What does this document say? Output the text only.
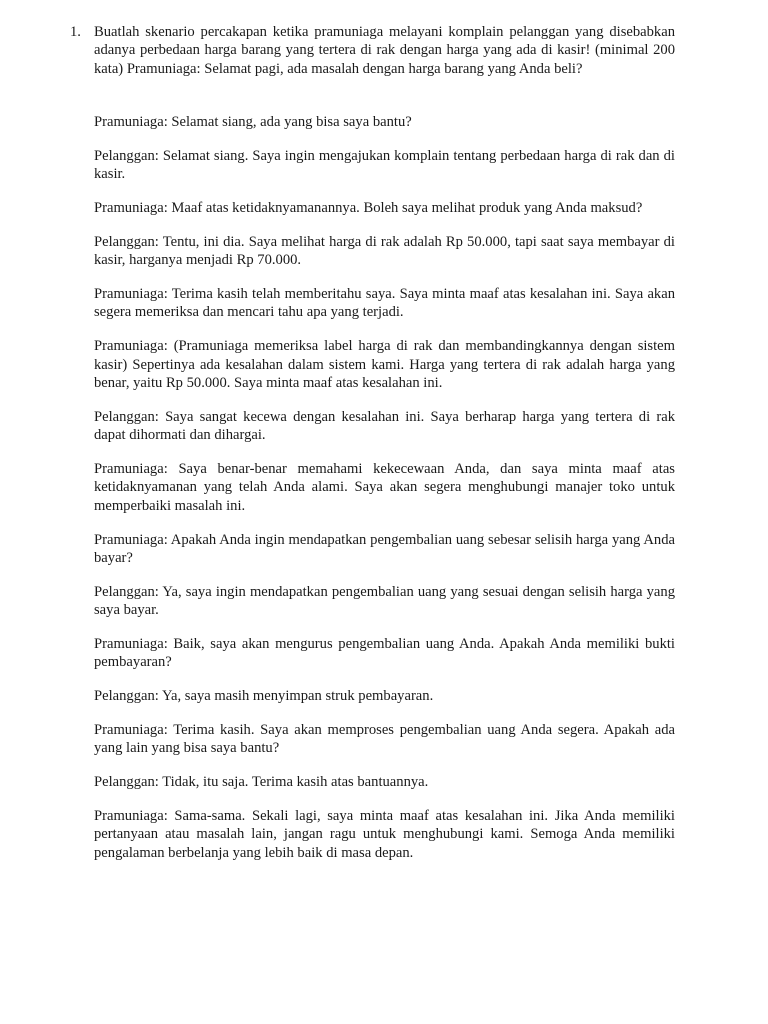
1. Buatlah skenario percakapan ketika pramuniaga melayani komplain pelanggan yang disebabkan adanya perbedaan harga barang yang tertera di rak dengan harga yang ada di kasir! (minimal 200 kata) Pramuniaga: Selamat pagi, ada masalah dengan harga barang yang Anda beli?

Pramuniaga: Selamat siang, ada yang bisa saya bantu?

Pelanggan: Selamat siang. Saya ingin mengajukan komplain tentang perbedaan harga di rak dan di kasir.

Pramuniaga: Maaf atas ketidaknyamanannya. Boleh saya melihat produk yang Anda maksud?

Pelanggan: Tentu, ini dia. Saya melihat harga di rak adalah Rp 50.000, tapi saat saya membayar di kasir, harganya menjadi Rp 70.000.

Pramuniaga: Terima kasih telah memberitahu saya. Saya minta maaf atas kesalahan ini. Saya akan segera memeriksa dan mencari tahu apa yang terjadi.

Pramuniaga: (Pramuniaga memeriksa label harga di rak dan membandingkannya dengan sistem kasir) Sepertinya ada kesalahan dalam sistem kami. Harga yang tertera di rak adalah harga yang benar, yaitu Rp 50.000. Saya minta maaf atas kesalahan ini.

Pelanggan: Saya sangat kecewa dengan kesalahan ini. Saya berharap harga yang tertera di rak dapat dihormati dan dihargai.

Pramuniaga: Saya benar-benar memahami kekecewaan Anda, dan saya minta maaf atas ketidaknyamanan yang telah Anda alami. Saya akan segera menghubungi manajer toko untuk memperbaiki masalah ini.

Pramuniaga: Apakah Anda ingin mendapatkan pengembalian uang sebesar selisih harga yang Anda bayar?

Pelanggan: Ya, saya ingin mendapatkan pengembalian uang yang sesuai dengan selisih harga yang saya bayar.

Pramuniaga: Baik, saya akan mengurus pengembalian uang Anda. Apakah Anda memiliki bukti pembayaran?

Pelanggan: Ya, saya masih menyimpan struk pembayaran.

Pramuniaga: Terima kasih. Saya akan memproses pengembalian uang Anda segera. Apakah ada yang lain yang bisa saya bantu?

Pelanggan: Tidak, itu saja. Terima kasih atas bantuannya.

Pramuniaga: Sama-sama. Sekali lagi, saya minta maaf atas kesalahan ini. Jika Anda memiliki pertanyaan atau masalah lain, jangan ragu untuk menghubungi kami. Semoga Anda memiliki pengalaman berbelanja yang lebih baik di masa depan.
